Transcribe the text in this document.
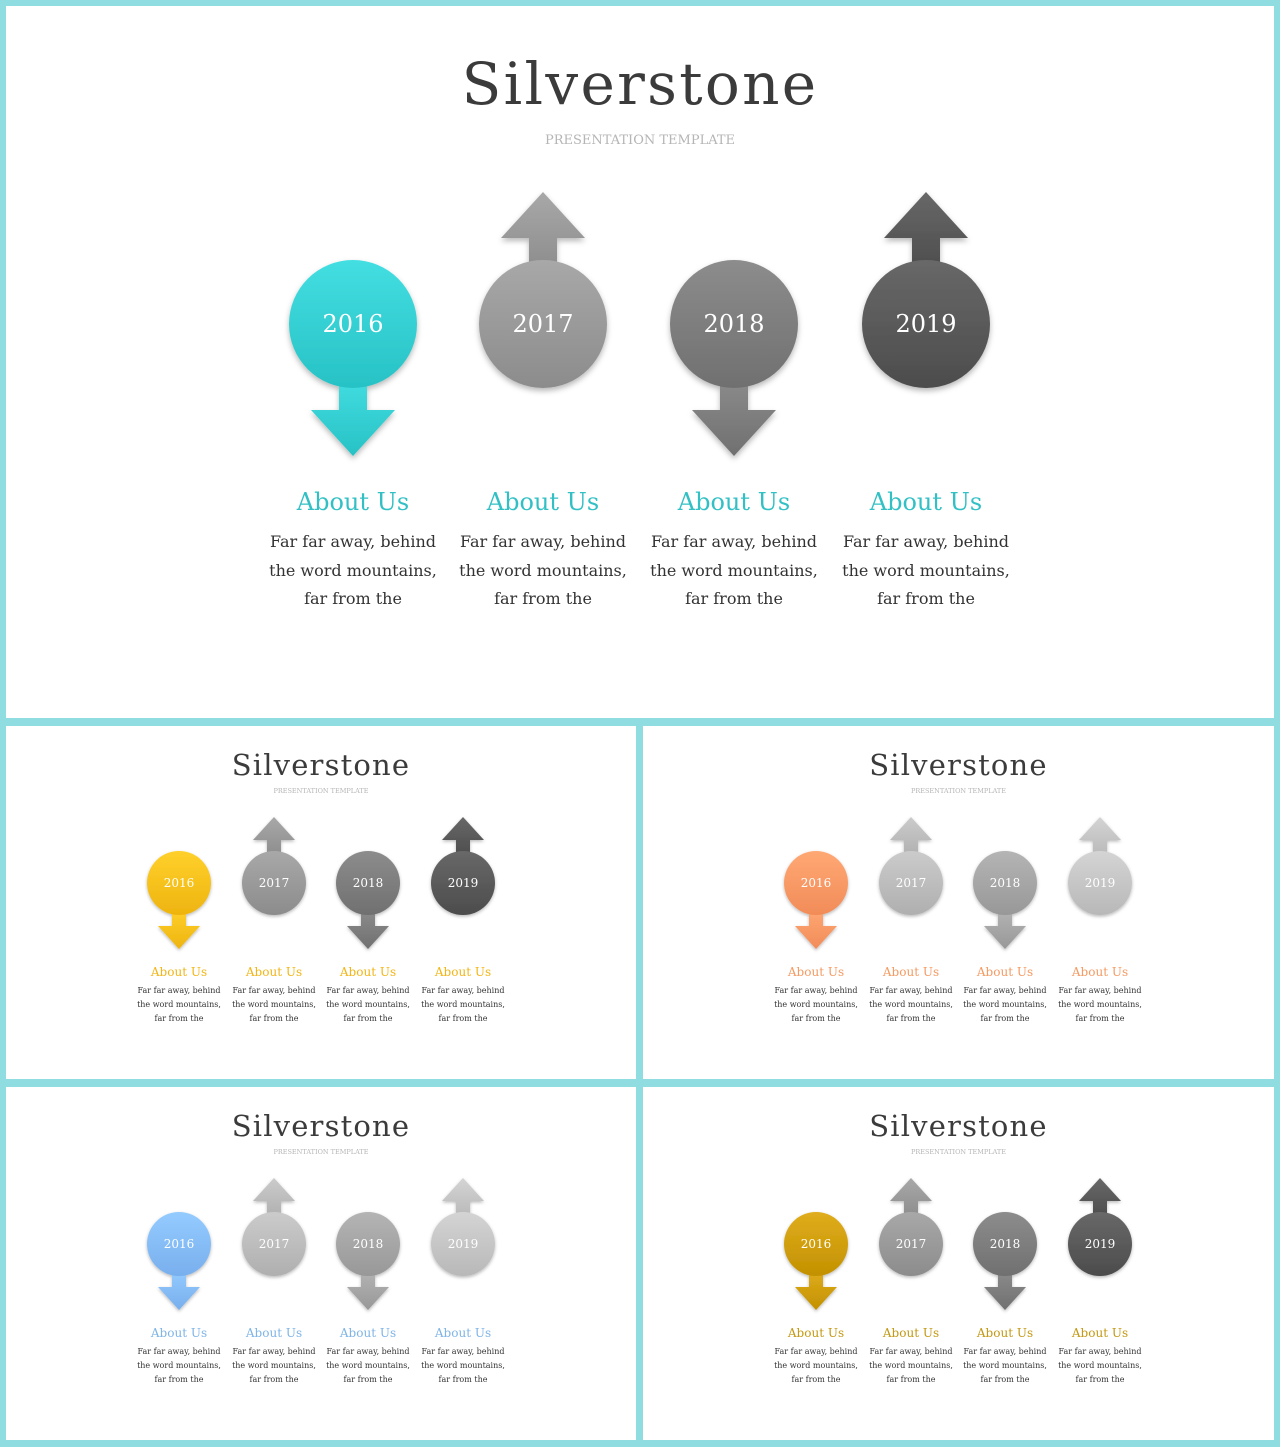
2016	2017	2018	2019
Silverstone
PRESENTATION TEMPLATE
About Us
Far far away, behind
the word mountains,
far from the
About Us
Far far away, behind
the word mountains,
far from the
About Us
Far far away, behind
the word mountains,
far from the
About Us
Far far away, behind
the word mountains,
far from the
2016	2017	2018	2019
Silverstone
PRESENTATION TEMPLATE
About Us
Far far away, behind
the word mountains,
far from the
About Us
Far far away, behind
the word mountains,
far from the
About Us
Far far away, behind
the word mountains,
far from the
About Us
Far far away, behind
the word mountains,
far from the
2016	2017	2018	2019
Silverstone
PRESENTATION TEMPLATE
About Us
Far far away, behind
the word mountains,
far from the
About Us
Far far away, behind
the word mountains,
far from the
About Us
Far far away, behind
the word mountains,
far from the
About Us
Far far away, behind
the word mountains,
far from the
2016	2017	2018	2019
Silverstone
PRESENTATION TEMPLATE
About Us
Far far away, behind
the word mountains,
far from the
About Us
Far far away, behind
the word mountains,
far from the
About Us
Far far away, behind
the word mountains,
far from the
About Us
Far far away, behind
the word mountains,
far from the
2016	2017	2018	2019
Silverstone
PRESENTATION TEMPLATE
About Us
Far far away, behind
the word mountains,
far from the
About Us
Far far away, behind
the word mountains,
far from the
About Us
Far far away, behind
the word mountains,
far from the
About Us
Far far away, behind
the word mountains,
far from the
